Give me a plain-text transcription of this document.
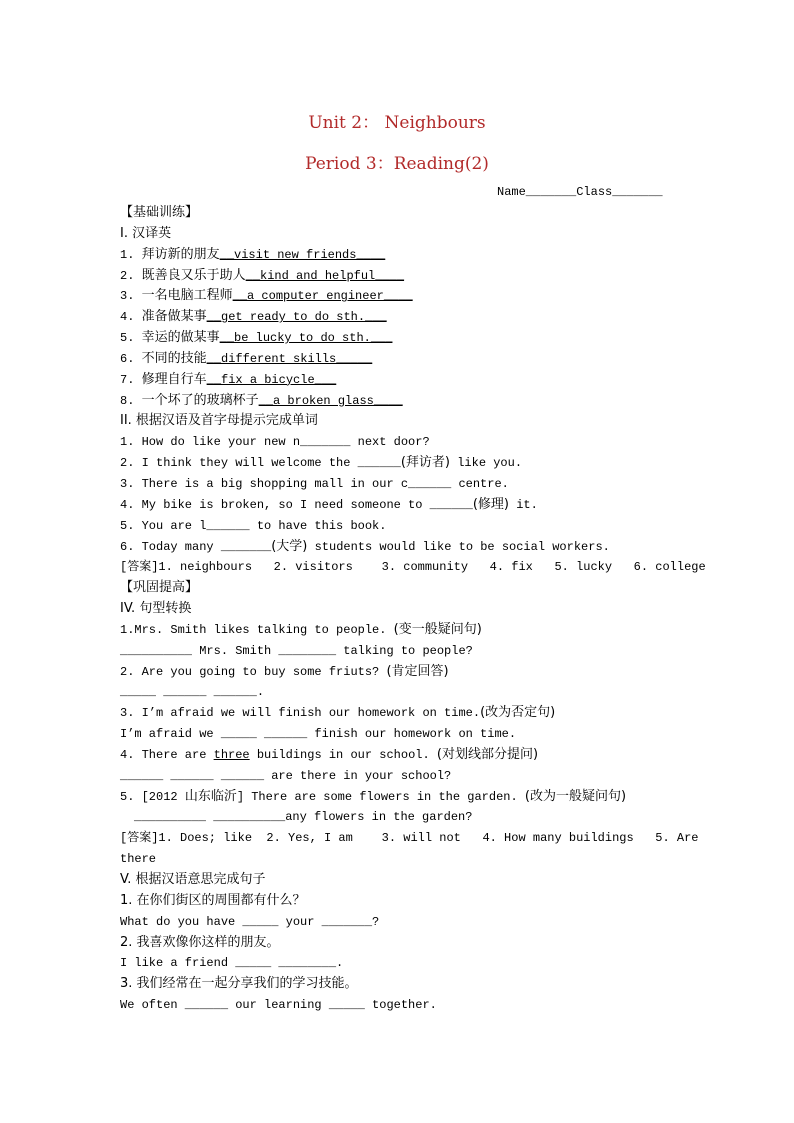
Unit 2： Neighbours
Period 3：Reading(2)
Name_______Class_______
【基础训练】
I. 汉译英
1. 拜访新的朋友__visit new friends____
2. 既善良又乐于助人__kind and helpful____
3. 一名电脑工程师__a computer engineer____
4. 准备做某事__get ready to do sth.___
5. 幸运的做某事__be lucky to do sth.___
6. 不同的技能__different skills_____
7. 修理自行车__fix a bicycle___
8. 一个坏了的玻璃杯子__a broken glass____
II. 根据汉语及首字母提示完成单词
1. How do like your new n_______ next door?
2. I think they will welcome the ______(拜访者) like you.
3. There is a big shopping mall in our c______ centre.
4. My bike is broken, so I need someone to ______(修理) it.
5. You are l______ to have this book.
6. Today many _______(大学) students would like to be social workers.
[答案]1. neighbours   2. visitors    3. community   4. fix   5. lucky   6. college
【巩固提高】
IV. 句型转换
1.Mrs. Smith likes talking to people. (变一般疑问句)
__________ Mrs. Smith ________ talking to people?
2. Are you going to buy some friuts? (肯定回答)
_____ ______ ______.
3. I’m afraid we will finish our homework on time.(改为否定句)
I’m afraid we _____ ______ finish our homework on time.
4. There are three buildings in our school. (对划线部分提问)
______ ______ ______ are there in your school?
5. [2012 山东临沂] There are some flowers in the garden. (改为一般疑问句)
__________ __________any flowers in the garden?
[答案]1. Does; like  2. Yes, I am    3. will not   4. How many buildings   5. Are
there
V. 根据汉语意思完成句子
1. 在你们街区的周围都有什么？
What do you have _____ your _______?
2. 我喜欢像你这样的朋友。
I like a friend _____ ________.
3. 我们经常在一起分享我们的学习技能。
We often ______ our learning _____ together.
